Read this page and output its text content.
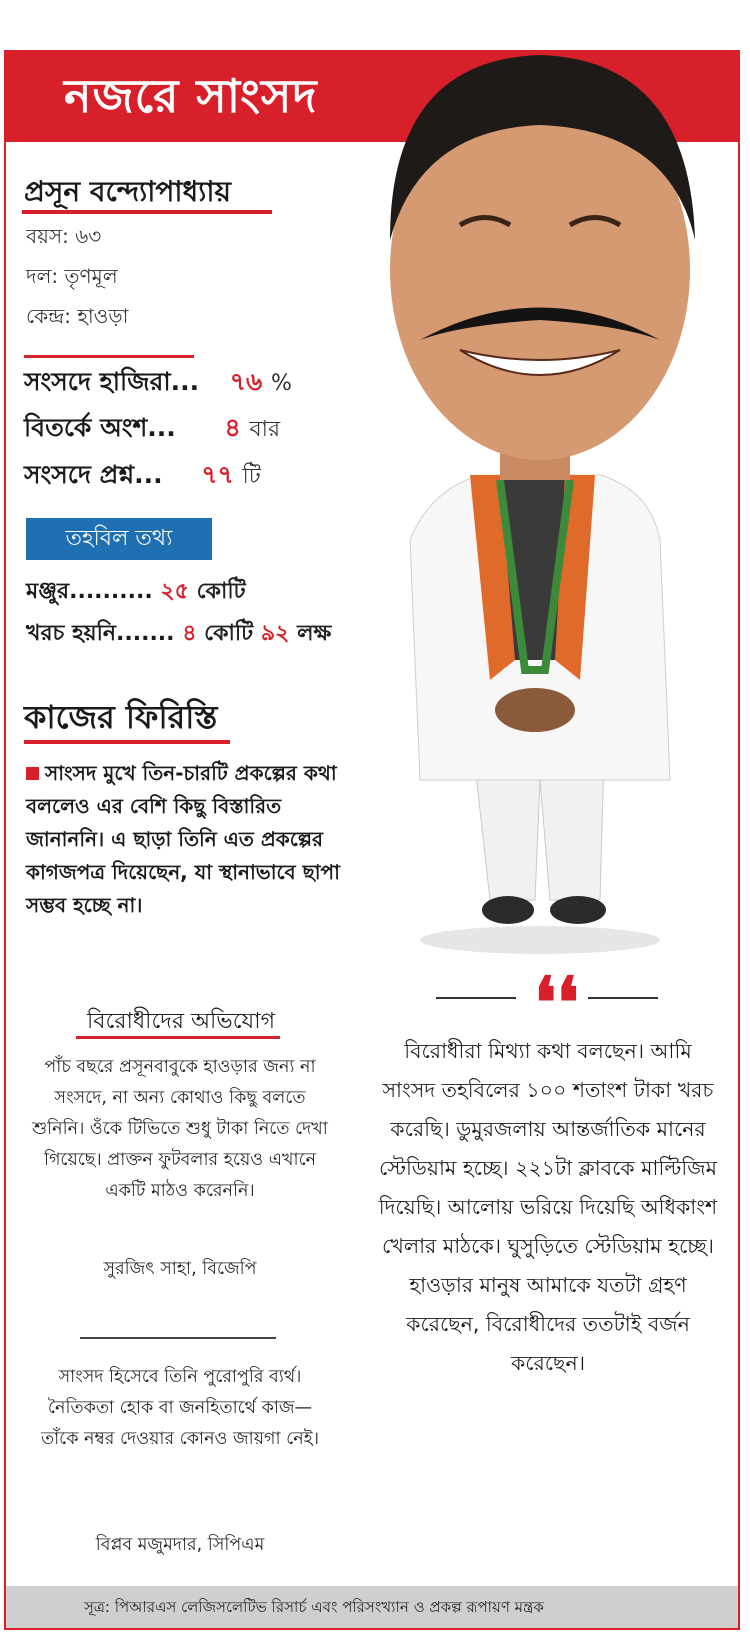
নজরে সাংসদ
প্রসূন বন্দ্যোপাধ্যায়
বয়স: ৬৩
দল: তৃণমূল
কেন্দ্র: হাওড়া
সংসদে হাজিরা... ৭৬ %
বিতর্কে অংশ... ৪ বার
সংসদে প্রশ্ন... ৭৭ টি
তহবিল তথ্য
মঞ্জুর.......... ২৫ কোটি
খরচ হয়নি....... ৪ কোটি ৯২ লক্ষ
কাজের ফিরিস্তি
সাংসদ মুখে তিন-চারটি প্রকল্পের কথা বললেও এর বেশি কিছু বিস্তারিত জানাননি। এ ছাড়া তিনি এত প্রকল্পের কাগজপত্র দিয়েছেন, যা স্থানাভাবে ছাপা সম্ভব হচ্ছে না।
বিরোধীদের অভিযোগ
পাঁচ বছরে প্রসূনবাবুকে হাওড়ার জন্য না সংসদে, না অন্য কোথাও কিছু বলতে শুনিনি। ওঁকে টিভিতে শুধু টাকা নিতে দেখা গিয়েছে। প্রাক্তন ফুটবলার হয়েও এখানে একটি মাঠও করেননি।
সুরজিৎ সাহা, বিজেপি
সাংসদ হিসেবে তিনি পুরোপুরি ব্যর্থ। নৈতিকতা হোক বা জনহিতার্থে কাজ— তাঁকে নম্বর দেওয়ার কোনও জায়গা নেই।
বিপ্লব মজুমদার, সিপিএম
❛❛
বিরোধীরা মিথ্যা কথা বলছেন। আমি সাংসদ তহবিলের ১০০ শতাংশ টাকা খরচ করেছি। ডুমুরজলায় আন্তর্জাতিক মানের স্টেডিয়াম হচ্ছে। ২২১টা ক্লাবকে মাল্টিজিম দিয়েছি। আলোয় ভরিয়ে দিয়েছি অধিকাংশ খেলার মাঠকে। ঘুসুড়িতে স্টেডিয়াম হচ্ছে। হাওড়ার মানুষ আমাকে যতটা গ্রহণ করেছেন, বিরোধীদের ততটাই বর্জন করেছেন।
সূত্র: পিআরএস লেজিসলেটিভ রিসার্চ এবং পরিসংখ্যান ও প্রকল্প রূপায়ণ মন্ত্রক
